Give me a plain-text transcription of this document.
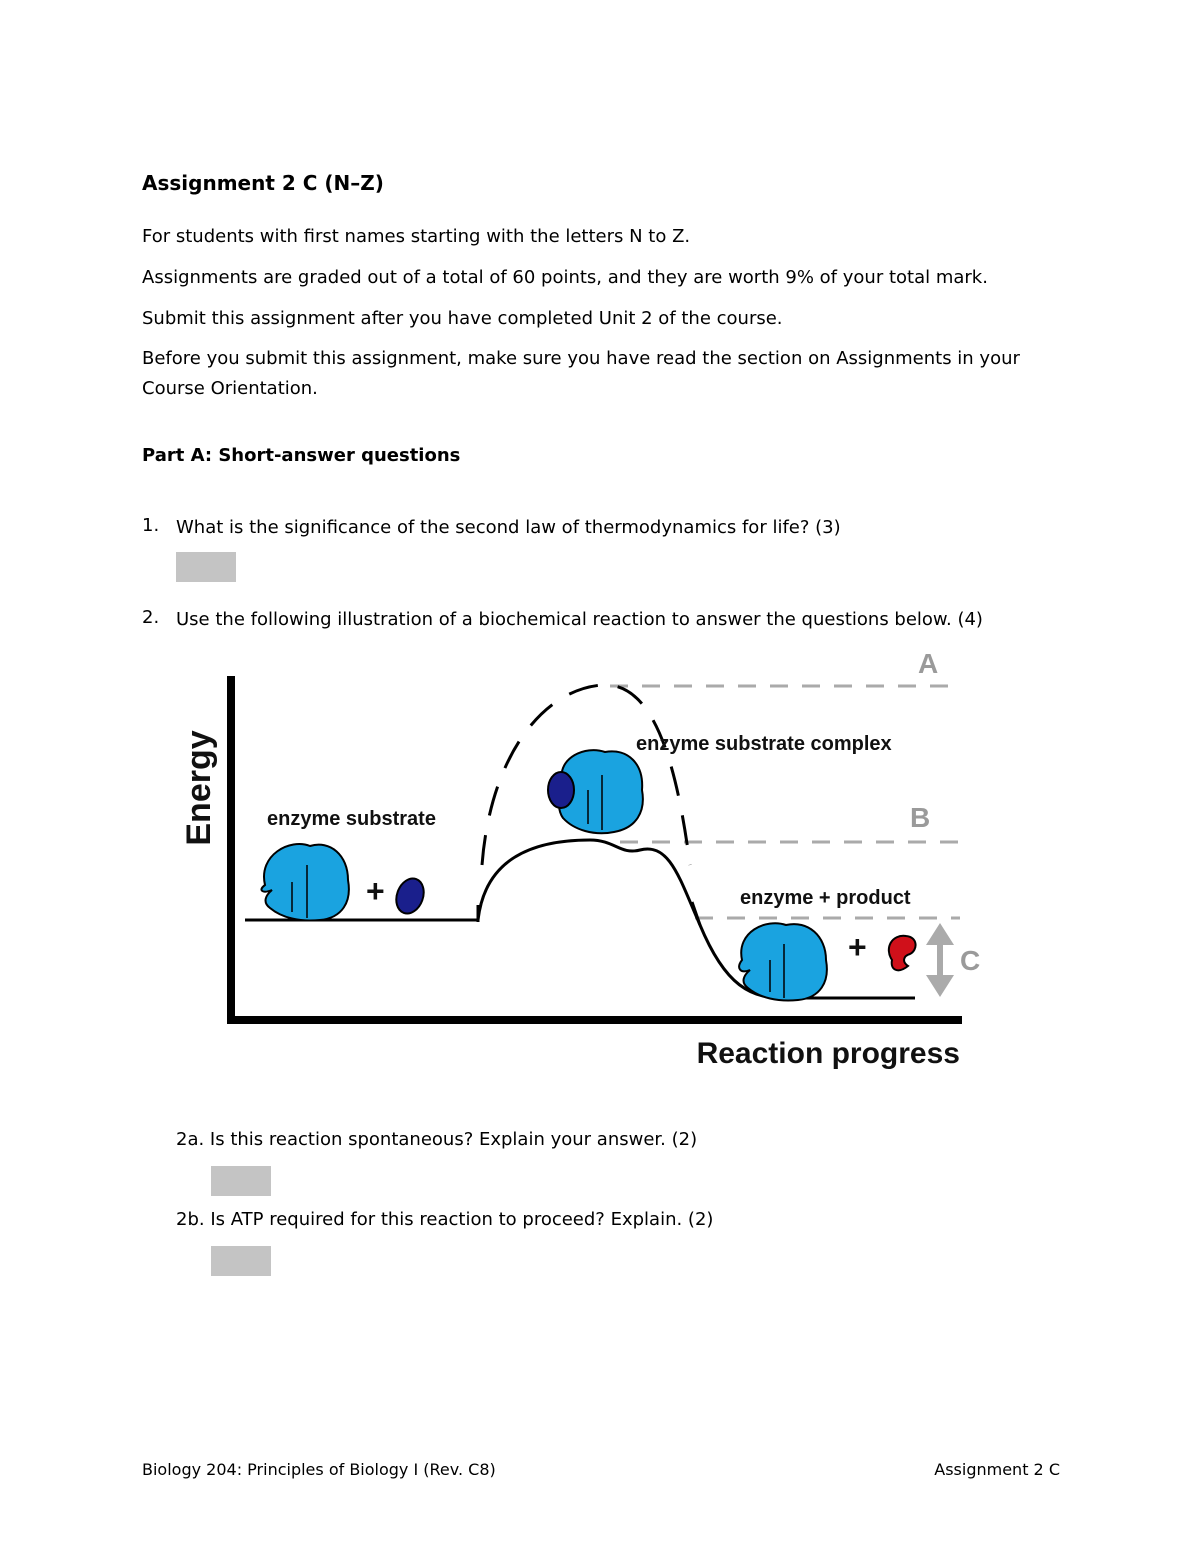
Assignment 2 C (N–Z)
For students with first names starting with the letters N to Z.
Assignments are graded out of a total of 60 points, and they are worth 9% of your total mark.
Submit this assignment after you have completed Unit 2 of the course.
Before you submit this assignment, make sure you have read the section on Assignments in your
Course Orientation.
Part A: Short-answer questions
1. What is the significance of the second law of thermodynamics for life? (3)
2. Use the following illustration of a biochemical reaction to answer the questions below. (4)
Energy
Reaction progress
A
B
C
enzyme substrate
enzyme substrate complex
enzyme + product
+
+
2a. Is this reaction spontaneous? Explain your answer. (2)
2b. Is ATP required for this reaction to proceed? Explain. (2)
Biology 204: Principles of Biology I (Rev. C8)	Assignment 2 C
